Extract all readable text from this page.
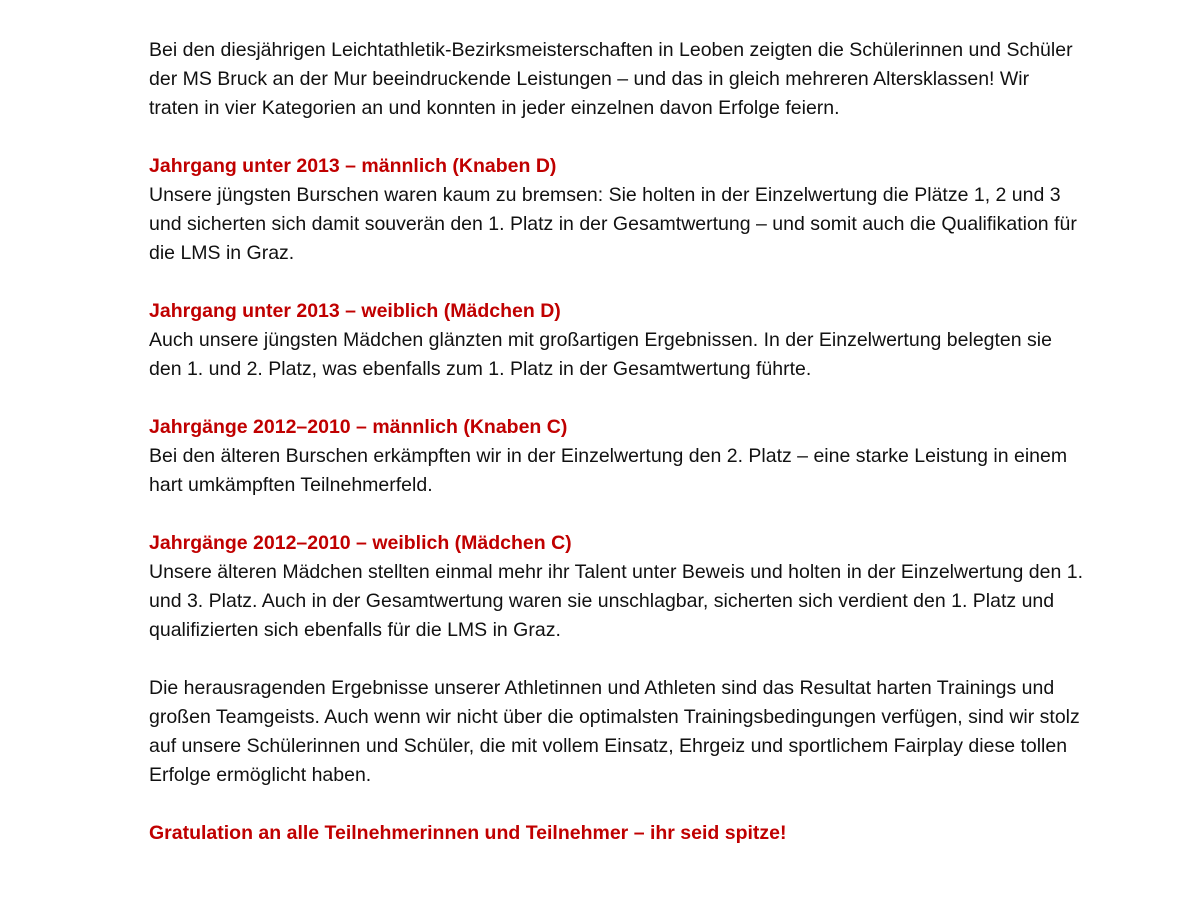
Bei den diesjährigen Leichtathletik-Bezirksmeisterschaften in Leoben zeigten die Schülerinnen und Schüler der MS Bruck an der Mur beeindruckende Leistungen – und das in gleich mehreren Altersklassen! Wir traten in vier Kategorien an und konnten in jeder einzelnen davon Erfolge feiern.

Jahrgang unter 2013 – männlich (Knaben D)
Unsere jüngsten Burschen waren kaum zu bremsen: Sie holten in der Einzelwertung die Plätze 1, 2 und 3 und sicherten sich damit souverän den 1. Platz in der Gesamtwertung – und somit auch die Qualifikation für die LMS in Graz.
Jahrgang unter 2013 – weiblich (Mädchen D)
Auch unsere jüngsten Mädchen glänzten mit großartigen Ergebnissen. In der Einzelwertung belegten sie den 1. und 2. Platz, was ebenfalls zum 1. Platz in der Gesamtwertung führte.
Jahrgänge 2012–2010 – männlich (Knaben C)
Bei den älteren Burschen erkämpften wir in der Einzelwertung den 2. Platz – eine starke Leistung in einem hart umkämpften Teilnehmerfeld.
Jahrgänge 2012–2010 – weiblich (Mädchen C)
Unsere älteren Mädchen stellten einmal mehr ihr Talent unter Beweis und holten in der Einzelwertung den 1. und 3. Platz. Auch in der Gesamtwertung waren sie unschlagbar, sicherten sich verdient den 1. Platz und qualifizierten sich ebenfalls für die LMS in Graz.

Die herausragenden Ergebnisse unserer Athletinnen und Athleten sind das Resultat harten Trainings und großen Teamgeists. Auch wenn wir nicht über die optimalsten Trainingsbedingungen verfügen, sind wir stolz auf unsere Schülerinnen und Schüler, die mit vollem Einsatz, Ehrgeiz und sportlichem Fairplay diese tollen Erfolge ermöglicht haben.

Gratulation an alle Teilnehmerinnen und Teilnehmer – ihr seid spitze!
